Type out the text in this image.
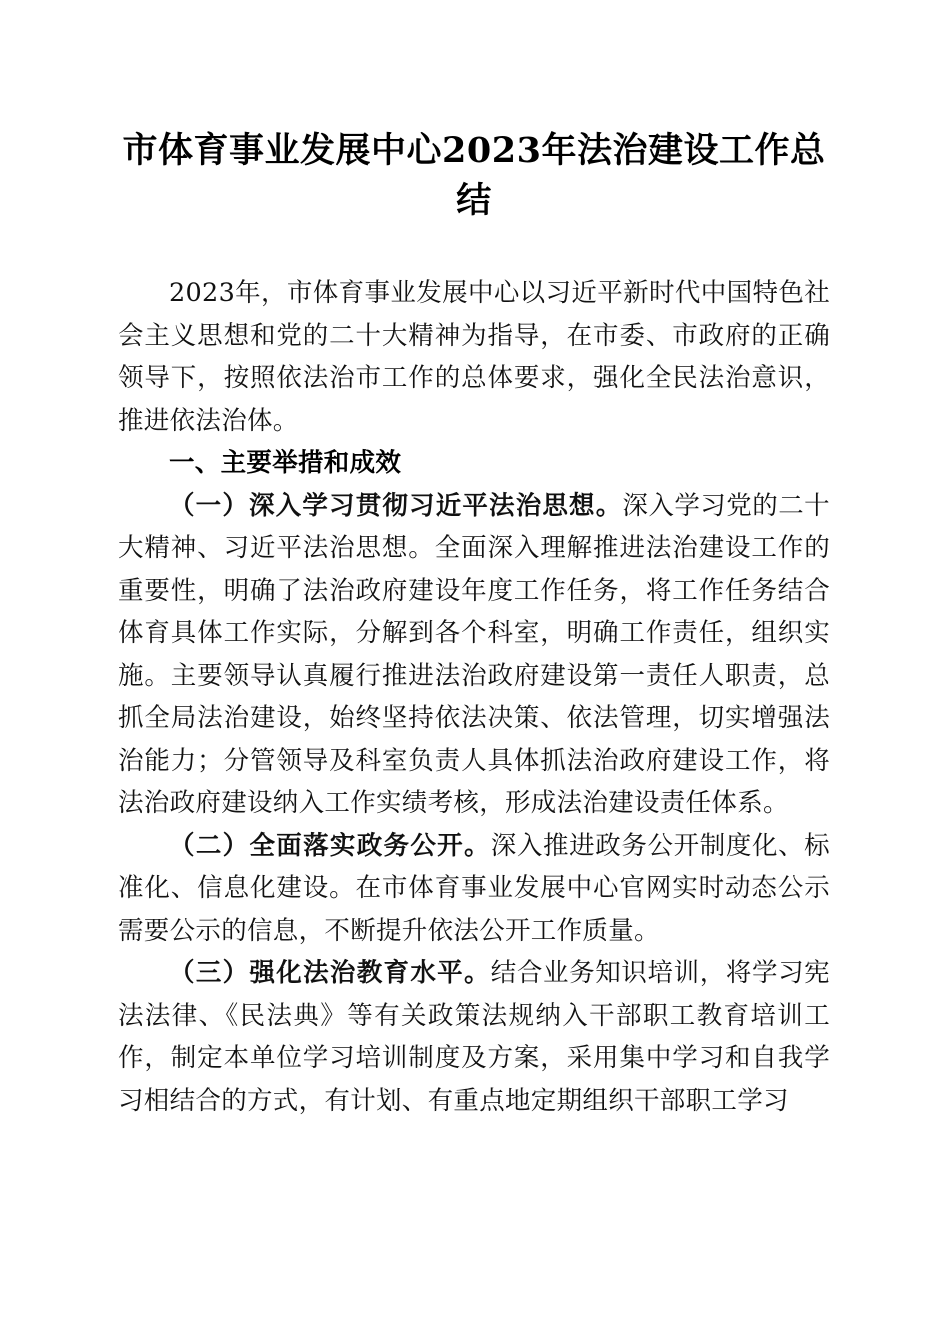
市体育事业发展中心2023年法治建设工作总结

2023年，市体育事业发展中心以习近平新时代中国特色社会主义思想和党的二十大精神为指导，在市委、市政府的正确领导下，按照依法治市工作的总体要求，强化全民法治意识，推进依法治体。

一、主要举措和成效

（一）深入学习贯彻习近平法治思想。深入学习党的二十大精神、习近平法治思想。全面深入理解推进法治建设工作的重要性，明确了法治政府建设年度工作任务，将工作任务结合体育具体工作实际，分解到各个科室，明确工作责任，组织实施。主要领导认真履行推进法治政府建设第一责任人职责，总抓全局法治建设，始终坚持依法决策、依法管理，切实增强法治能力；分管领导及科室负责人具体抓法治政府建设工作，将法治政府建设纳入工作实绩考核，形成法治建设责任体系。

（二）全面落实政务公开。深入推进政务公开制度化、标准化、信息化建设。在市体育事业发展中心官网实时动态公示需要公示的信息，不断提升依法公开工作质量。

（三）强化法治教育水平。结合业务知识培训，将学习宪法法律、《民法典》等有关政策法规纳入干部职工教育培训工作，制定本单位学习培训制度及方案，采用集中学习和自我学习相结合的方式，有计划、有重点地定期组织干部职工学习
